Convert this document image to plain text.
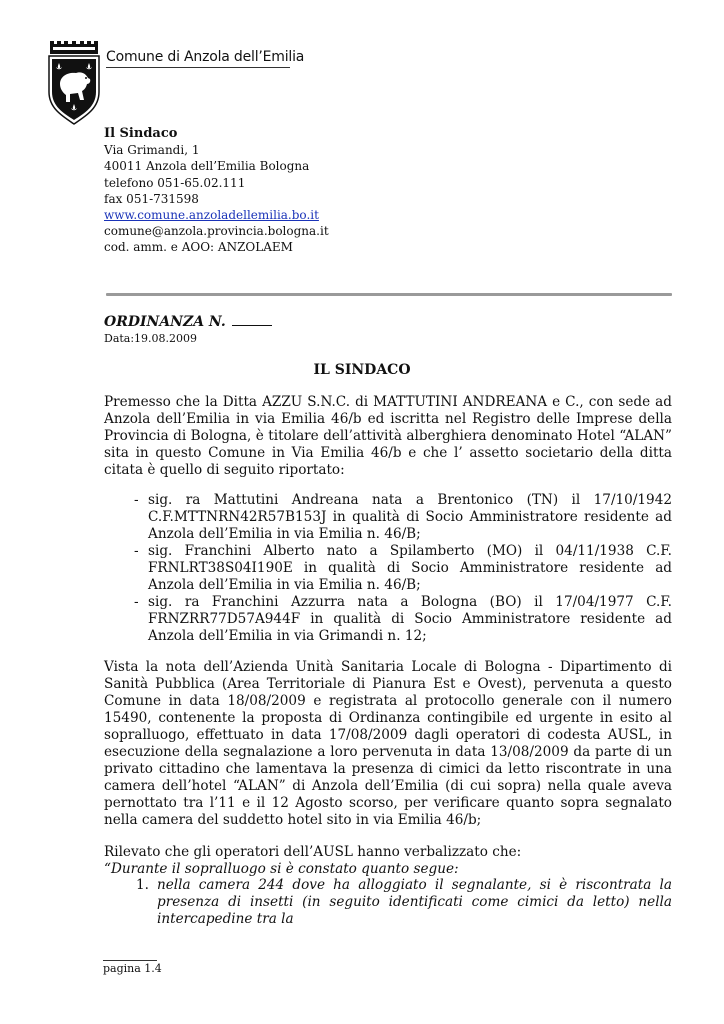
Comune di Anzola dell’Emilia
Il Sindaco
Via Grimandi, 1
40011 Anzola dell’Emilia Bologna
telefono 051-65.02.111
fax 051-731598
www.comune.anzoladellemilia.bo.it
comune@anzola.provincia.bologna.it
cod. amm. e AOO: ANZOLAEM
ORDINANZA N.
Data:19.08.2009
IL SINDACO
Premesso che la Ditta AZZU S.N.C. di MATTUTINI ANDREANA e C., con sede ad Anzola dell’Emilia in via Emilia 46/b ed iscritta nel Registro delle Imprese della Provincia di Bologna, è titolare dell’attività alberghiera denominato Hotel “ALAN” sita in questo Comune in Via Emilia 46/b e che l’ assetto societario della ditta citata è quello di seguito riportato:
- sig. ra Mattutini Andreana nata a Brentonico (TN) il 17/10/1942 C.F.MTTNRN42R57B153J in qualità di Socio Amministratore residente ad Anzola dell’Emilia in via Emilia n. 46/B;
- sig. Franchini Alberto nato a Spilamberto (MO) il 04/11/1938 C.F. FRNLRT38S04I190E in qualità di Socio Amministratore residente ad Anzola dell’Emilia in via Emilia n. 46/B;
- sig. ra Franchini Azzurra nata a Bologna (BO) il 17/04/1977 C.F. FRNZRR77D57A944F in qualità di Socio Amministratore residente ad Anzola dell’Emilia in via Grimandi n. 12;
Vista la nota dell’Azienda Unità Sanitaria Locale di Bologna - Dipartimento di Sanità Pubblica (Area Territoriale di Pianura Est e Ovest), pervenuta a questo Comune in data 18/08/2009 e registrata al protocollo generale con il numero 15490, contenente la proposta di Ordinanza contingibile ed urgente in esito al sopralluogo, effettuato in data 17/08/2009 dagli operatori di codesta AUSL, in esecuzione della segnalazione a loro pervenuta in data 13/08/2009 da parte di un privato cittadino che lamentava la presenza di cimici da letto riscontrate in una camera dell’hotel “ALAN” di Anzola dell’Emilia (di cui sopra) nella quale aveva pernottato tra l’11 e il 12 Agosto scorso, per verificare quanto sopra segnalato nella camera del suddetto hotel sito in via Emilia 46/b;
Rilevato che gli operatori dell’AUSL hanno verbalizzato che:
“Durante il sopralluogo si è constato quanto segue:
1. nella camera 244 dove ha alloggiato il segnalante, si è riscontrata la presenza di insetti (in seguito identificati come cimici da letto) nella intercapedine tra la
pagina 1.4
